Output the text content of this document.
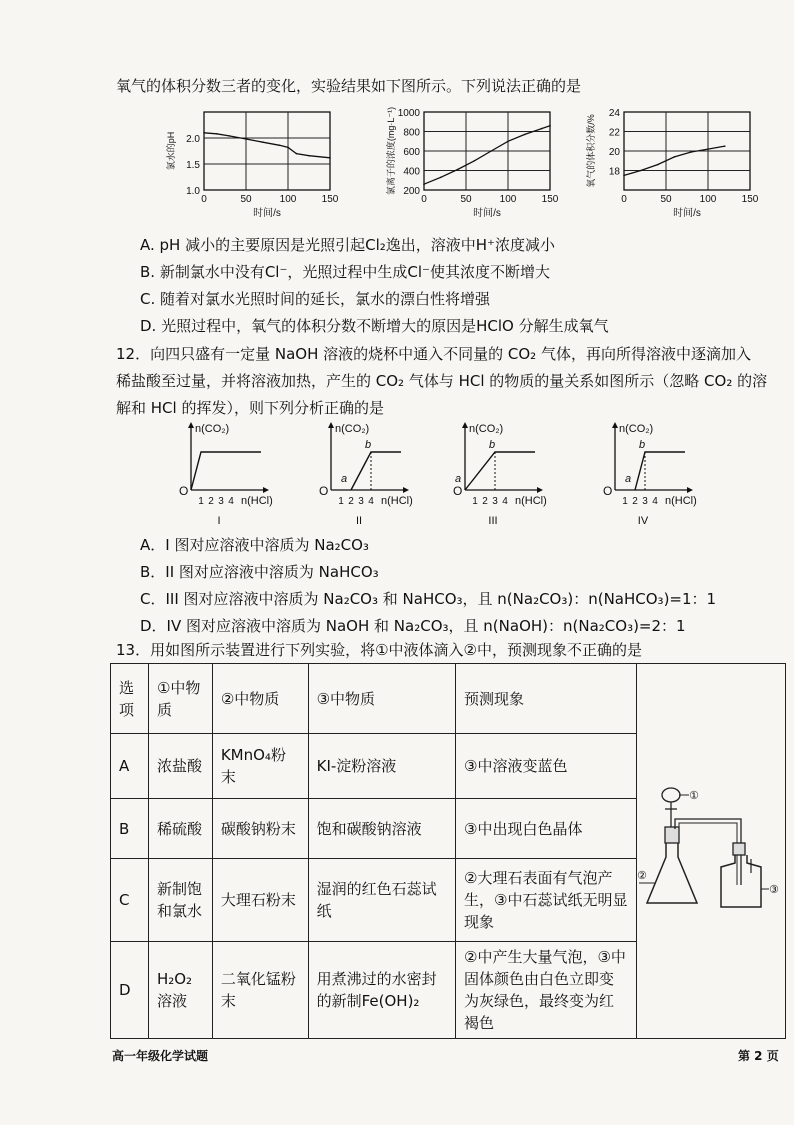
氧气的体积分数三者的变化，实验结果如下图所示。下列说法正确的是
0	50	100	150
1.0
1.5
2.0
时间/s
氯水的pH
0	50	100	150
200
400
600
800
1000
时间/s
氯离子的浓度(mg·L⁻¹)
0	50	100	150
18
20
22
24
时间/s
氧气的体积分数/%
A. pH 减小的主要原因是光照引起Cl₂逸出，溶液中H⁺浓度减小
B. 新制氯水中没有Cl⁻，光照过程中生成Cl⁻使其浓度不断增大
C. 随着对氯水光照时间的延长，氯水的漂白性将增强
D. 光照过程中，氧气的体积分数不断增大的原因是HClO 分解生成氧气
12．向四只盛有一定量 NaOH 溶液的烧杯中通入不同量的 CO₂ 气体，再向所得溶液中逐滴加入
稀盐酸至过量，并将溶液加热，产生的 CO₂ 气体与 HCl 的物质的量关系如图所示（忽略 CO₂ 的溶
解和 HCl 的挥发），则下列分析正确的是
n(CO₂)
n(HCl)
O
1 2 3 4
I
n(CO₂)
n(HCl)
O
1 2 3 4
b
a
II
n(CO₂)
n(HCl)
O
1 2 3 4
b
a
III
n(CO₂)
n(HCl)
O
1 2 3 4
b
a
IV
A．I 图对应溶液中溶质为 Na₂CO₃
B．II 图对应溶液中溶质为 NaHCO₃
C．III 图对应溶液中溶质为 Na₂CO₃ 和 NaHCO₃，且 n(Na₂CO₃)：n(NaHCO₃)=1：1
D．IV 图对应溶液中溶质为 NaOH 和 Na₂CO₃，且 n(NaOH)：n(Na₂CO₃)=2：1
13．用如图所示装置进行下列实验，将①中液体滴入②中，预测现象不正确的是
选项	①中物质	②中物质	③中物质	预测现象	①
②
③

A	浓盐酸	KMnO₄粉末	KI-淀粉溶液	③中溶液变蓝色	
B	稀硫酸	碳酸钠粉末	饱和碳酸钠溶液	③中出现白色晶体	
C	新制饱和氯水	大理石粉末	湿润的红色石蕊试纸	②大理石表面有气泡产生，③中石蕊试纸无明显现象	
D	H₂O₂溶液	二氧化锰粉末	用煮沸过的水密封的新制Fe(OH)₂	②中产生大量气泡，③中固体颜色由白色立即变为灰绿色，最终变为红褐色	
高一年级化学试题	第 2 页
